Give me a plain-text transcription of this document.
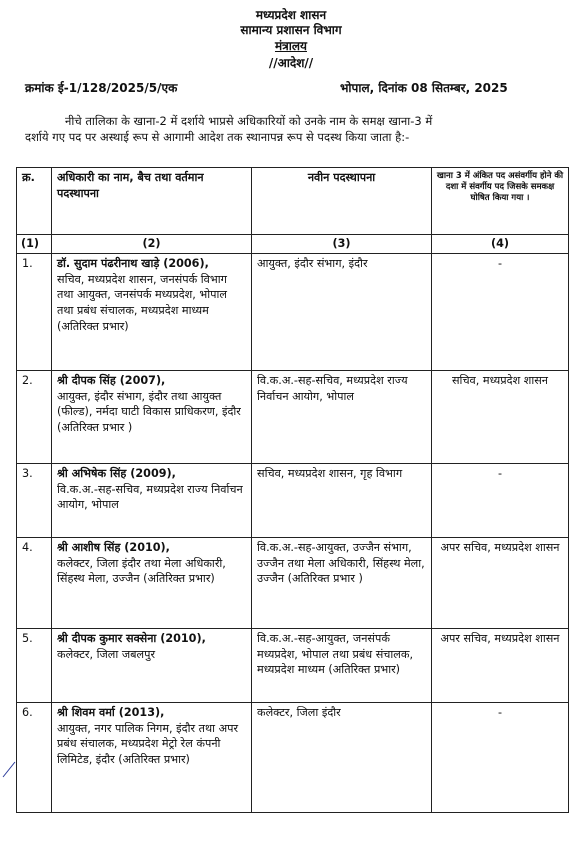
मध्यप्रदेश शासन
सामान्य प्रशासन विभाग
मंत्रालय
//आदेश//
क्रमांक ई-1/128/2025/5/एक	भोपाल, दिनांक 08 सितम्बर, 2025
नीचे तालिका के खाना-2 में दर्शाये भाप्रसे अधिकारियों को उनके नाम के समक्ष खाना-3 में
दर्शाये गए पद पर अस्थाई रूप से आगामी आदेश तक स्थानापन्न रूप से पदस्थ किया जाता है:-
क्र.	अधिकारी का नाम, बैच तथा वर्तमान पदस्थापना	नवीन पदस्थापना	खाना 3 में अंकित पद असंवर्गीय होने की दशा में संवर्गीय पद जिसके समकक्ष घोषित किया गया ।
(1)	(2)	(3)	(4)
1.	डॉ. सुदाम पंढरीनाथ खाड़े (2006),
सचिव, मध्यप्रदेश शासन, जनसंपर्क विभाग तथा आयुक्त, जनसंपर्क मध्यप्रदेश, भोपाल तथा प्रबंध संचालक, मध्यप्रदेश माध्यम (अतिरिक्त प्रभार)	आयुक्त, इंदौर संभाग, इंदौर	-
2.	श्री दीपक सिंह (2007),
आयुक्त, इंदौर संभाग, इंदौर तथा आयुक्त (फील्ड), नर्मदा घाटी विकास प्राधिकरण, इंदौर (अतिरिक्त प्रभार )	वि.क.अ.-सह-सचिव, मध्यप्रदेश राज्य निर्वाचन आयोग, भोपाल	सचिव, मध्यप्रदेश शासन
3.	श्री अभिषेक सिंह (2009),
वि.क.अ.-सह-सचिव, मध्यप्रदेश राज्य निर्वाचन आयोग, भोपाल	सचिव, मध्यप्रदेश शासन, गृह विभाग	-
4.	श्री आशीष सिंह (2010),
कलेक्टर, जिला इंदौर तथा मेला अधिकारी, सिंहस्थ मेला, उज्जैन (अतिरिक्त प्रभार)	वि.क.अ.-सह-आयुक्त, उज्जैन संभाग, उज्जैन तथा मेला अधिकारी, सिंहस्थ मेला, उज्जैन (अतिरिक्त प्रभार )	अपर सचिव, मध्यप्रदेश शासन
5.	श्री दीपक कुमार सक्सेना (2010),
कलेक्टर, जिला जबलपुर	वि.क.अ.-सह-आयुक्त, जनसंपर्क मध्यप्रदेश, भोपाल तथा प्रबंध संचालक, मध्यप्रदेश माध्यम (अतिरिक्त प्रभार)	अपर सचिव, मध्यप्रदेश शासन
6.	श्री शिवम वर्मा (2013),
आयुक्त, नगर पालिक निगम, इंदौर तथा अपर प्रबंध संचालक, मध्यप्रदेश मेट्रो रेल कंपनी लिमिटेड, इंदौर (अतिरिक्त प्रभार)	कलेक्टर, जिला इंदौर	-
